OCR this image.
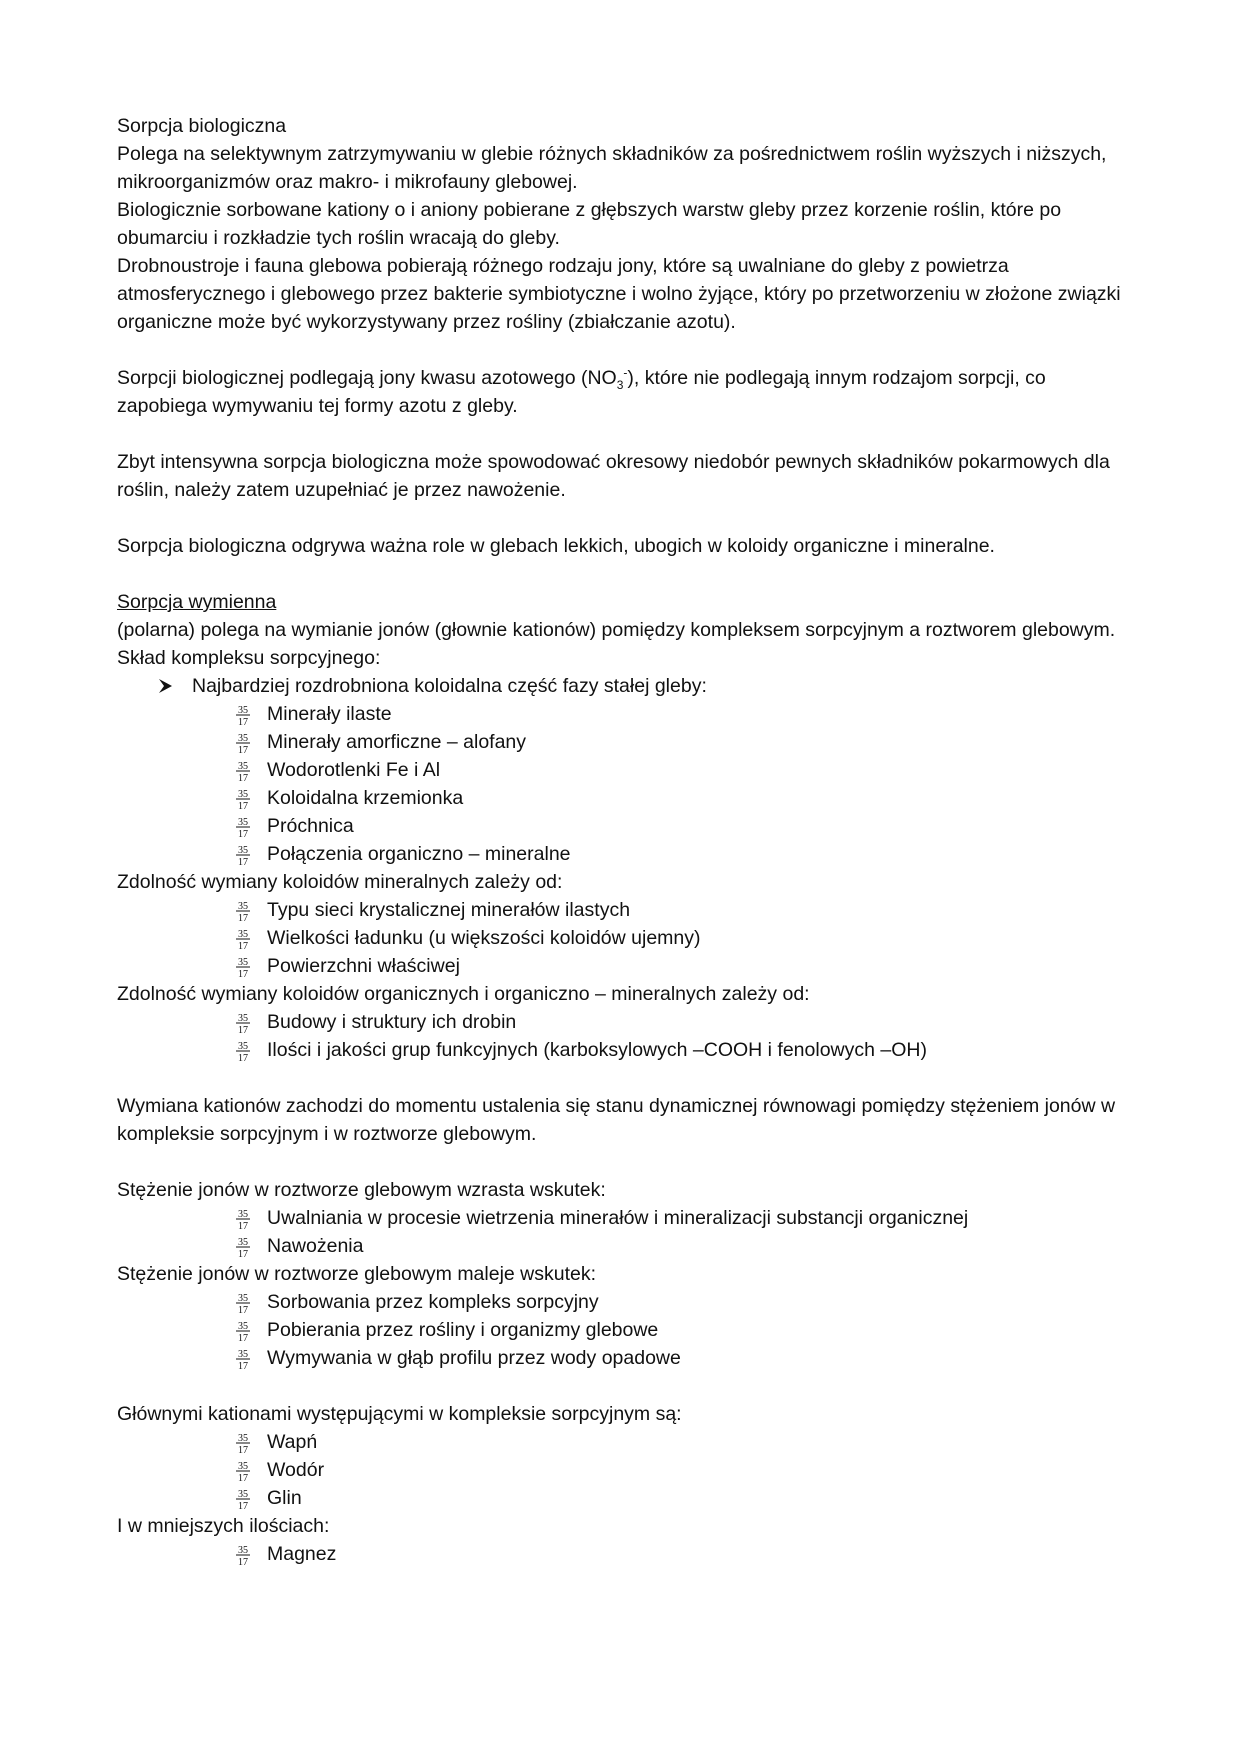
Sorpcja biologiczna

Polega na selektywnym zatrzymywaniu w glebie różnych składników za pośrednictwem roślin wyższych i niższych, mikroorganizmów oraz makro- i mikrofauny glebowej.

Biologicznie sorbowane kationy o i aniony pobierane z głębszych warstw gleby przez korzenie roślin, które po obumarciu i rozkładzie tych roślin wracają do gleby.

Drobnoustroje i fauna glebowa pobierają różnego rodzaju jony, które są uwalniane do gleby z powietrza atmosferycznego i glebowego przez bakterie symbiotyczne i wolno żyjące, który po przetworzeniu w złożone związki organiczne może być wykorzystywany przez rośliny (zbiałczanie azotu).

Sorpcji biologicznej podlegają jony kwasu azotowego $(NO_3^-)$, które nie podlegają innym rodzajom sorpcji, co zapobiega wymywaniu tej formy azotu z gleby.

Zbyt intensywna sorpcja biologiczna może spowodować okresowy niedobór pewnych składników pokarmowych dla roślin, należy zatem uzupełniać je przez nawożenie.

Sorpcja biologiczna odgrywa ważna role w glebach lekkich, ubogich w koloidy organiczne i mineralne.

Sorpcja wymienna

(polarna) polega na wymianie jonów (głownie kationów) pomiędzy kompleksem sorpcyjnym a roztworem glebowym.

Skład kompleksu sorpcyjnego:

Najbardziej rozdrobniona koloidalna część fazy stałej gleby:
35
17 Minerały ilaste
35
17 Minerały amorficzne – alofany
35
17 Wodorotlenki Fe i Al
35
17 Koloidalna krzemionka
35
17 Próchnica
35
17 Połączenia organiczno – mineralne

Zdolność wymiany koloidów mineralnych zależy od:

35
17 Typu sieci krystalicznej minerałów ilastych
35
17 Wielkości ładunku (u większości koloidów ujemny)
35
17 Powierzchni właściwej

Zdolność wymiany koloidów organicznych i organiczno – mineralnych zależy od:

35
17 Budowy i struktury ich drobin
35
17 Ilości i jakości grup funkcyjnych (karboksylowych –COOH i fenolowych –OH)

Wymiana kationów zachodzi do momentu ustalenia się stanu dynamicznej równowagi pomiędzy stężeniem jonów w kompleksie sorpcyjnym i w roztworze glebowym.

Stężenie jonów w roztworze glebowym wzrasta wskutek:

35
17 Uwalniania w procesie wietrzenia minerałów i mineralizacji substancji organicznej
35
17 Nawożenia

Stężenie jonów w roztworze glebowym maleje wskutek:

35
17 Sorbowania przez kompleks sorpcyjny
35
17 Pobierania przez rośliny i organizmy glebowe
35
17 Wymywania w głąb profilu przez wody opadowe

Głównymi kationami występującymi w kompleksie sorpcyjnym są:

35
17 Wapń
35
17 Wodór
35
17 Glin

I w mniejszych ilościach:

35
17 Magnez
